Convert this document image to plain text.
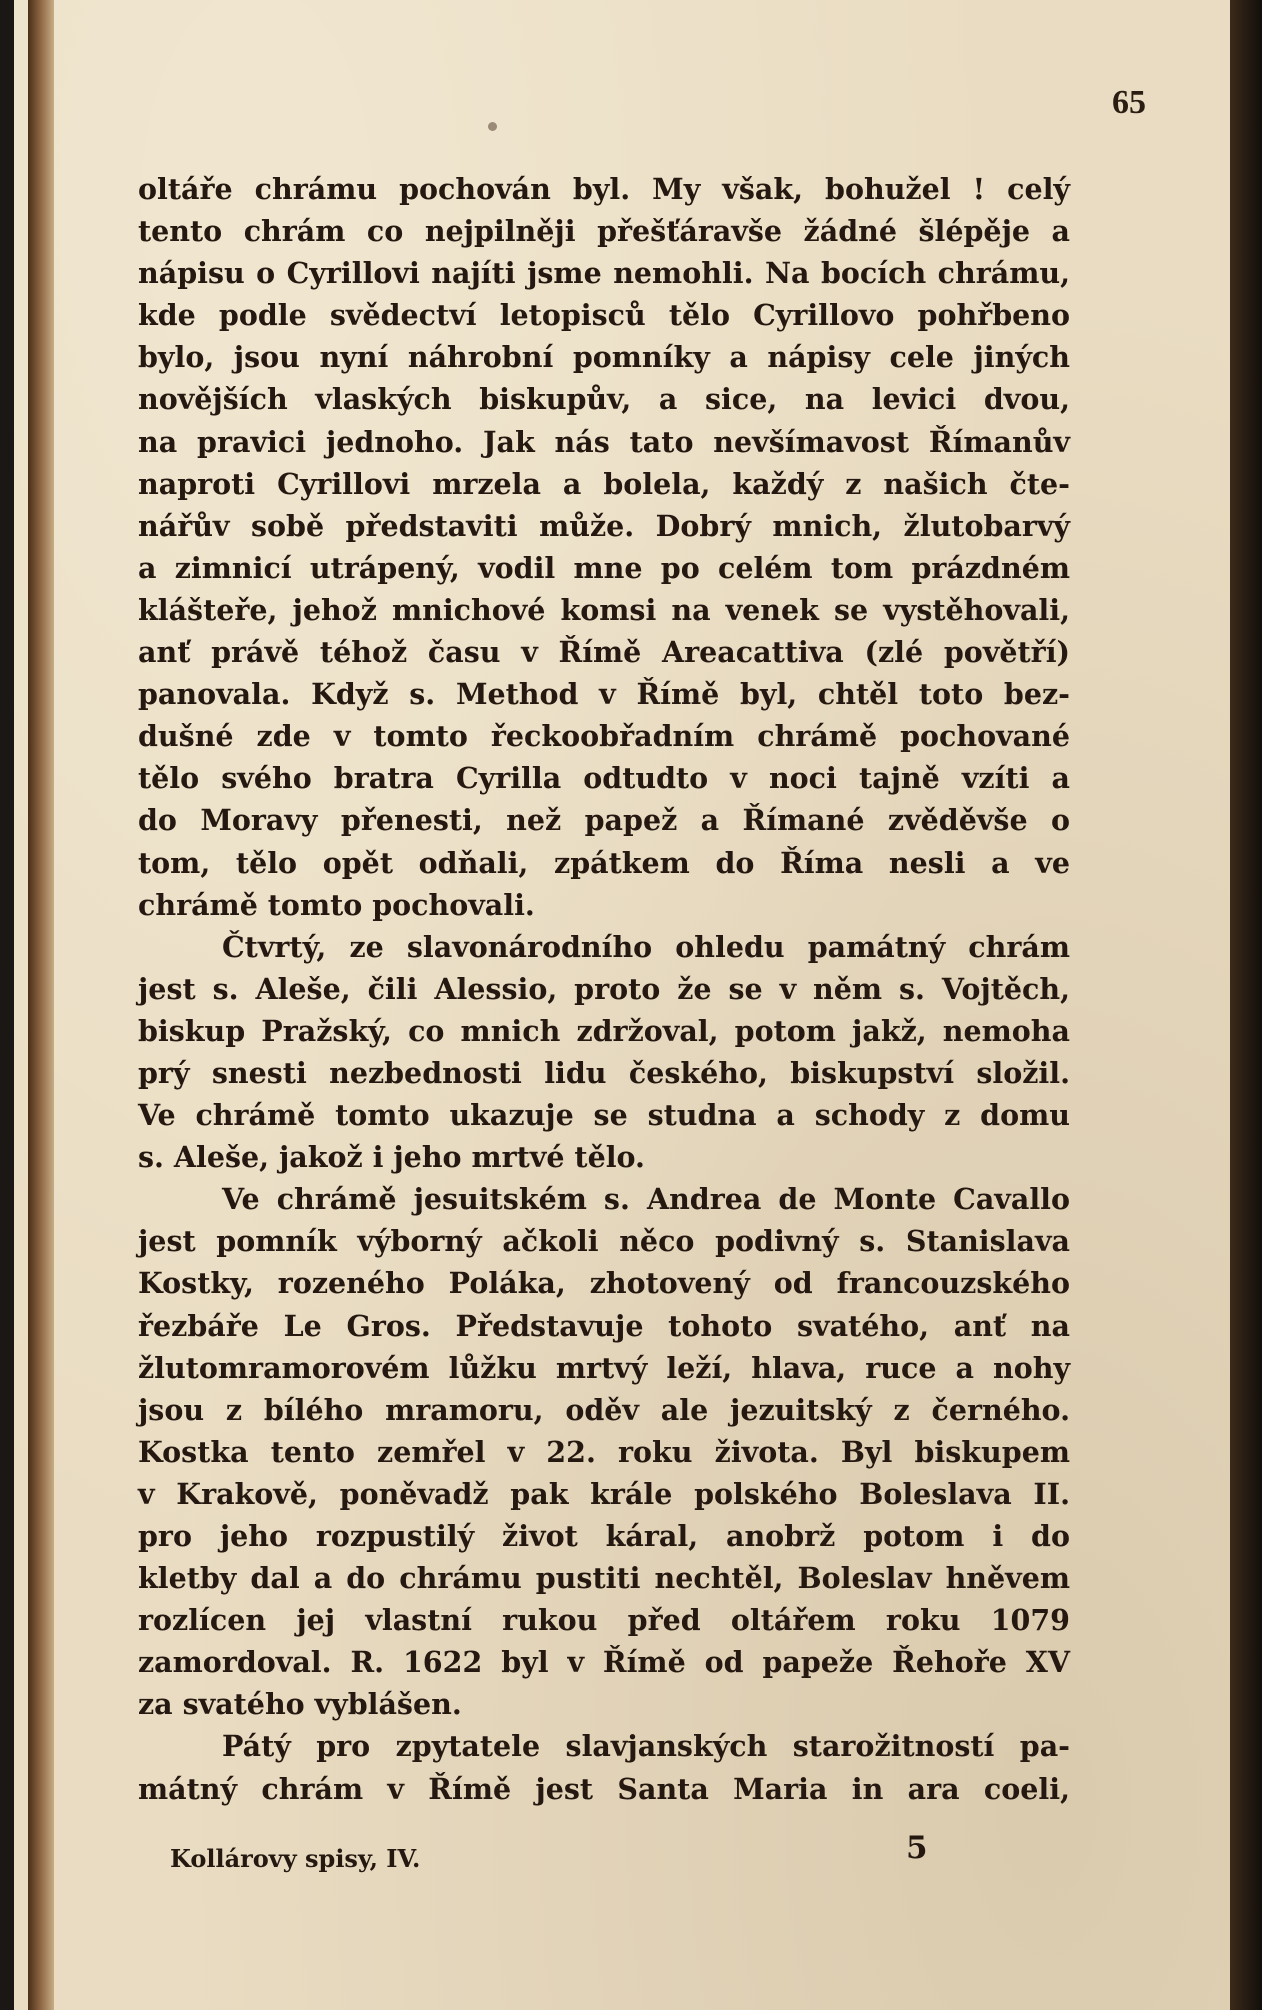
65

oltáře chrámu pochován byl. My však, bohužel ! celý
tento chrám co nejpilněji přešťáravše žádné šlépěje a
nápisu o Cyrillovi najíti jsme nemohli. Na bocích chrámu,
kde podle svědectví letopisců tělo Cyrillovo pohřbeno
bylo, jsou nyní náhrobní pomníky a nápisy cele jiných
novějších vlaských biskupův, a sice, na levici dvou,
na pravici jednoho. Jak nás tato nevšímavost Římanův
naproti Cyrillovi mrzela a bolela, každý z našich čte-
nářův sobě představiti může. Dobrý mnich, žlutobarvý
a zimnicí utrápený, vodil mne po celém tom prázdném
klášteře, jehož mnichové komsi na venek se vystěhovali,
anť právě téhož času v Římě Areacattiva (zlé povětří)
panovala. Když s. Method v Římě byl, chtěl toto bez-
dušné zde v tomto řeckoobřadním chrámě pochované
tělo svého bratra Cyrilla odtudto v noci tajně vzíti a
do Moravy přenesti, než papež a Římané zvěděvše o
tom, tělo opět odňali, zpátkem do Říma nesli a ve
chrámě tomto pochovali.
Čtvrtý, ze slavonárodního ohledu památný chrám
jest s. Aleše, čili Alessio, proto že se v něm s. Vojtěch,
biskup Pražský, co mnich zdržoval, potom jakž, nemoha
prý snesti nezbednosti lidu českého, biskupství složil.
Ve chrámě tomto ukazuje se studna a schody z domu
s. Aleše, jakož i jeho mrtvé tělo.
Ve chrámě jesuitském s. Andrea de Monte Cavallo
jest pomník výborný ačkoli něco podivný s. Stanislava
Kostky, rozeného Poláka, zhotovený od francouzského
řezbáře Le Gros. Představuje tohoto svatého, anť na
žlutomramorovém lůžku mrtvý leží, hlava, ruce a nohy
jsou z bílého mramoru, oděv ale jezuitský z černého.
Kostka tento zemřel v 22. roku života. Byl biskupem
v Krakově, poněvadž pak krále polského Boleslava II.
pro jeho rozpustilý život káral, anobrž potom i do
kletby dal a do chrámu pustiti nechtěl, Boleslav hněvem
rozlícen jej vlastní rukou před oltářem roku 1079
zamordoval. R. 1622 byl v Římě od papeže Řehoře XV
za svatého vyblášen.
Pátý pro zpytatele slavjanských starožitností pa-
mátný chrám v Římě jest Santa Maria in ara coeli,
Kollárovy spisy, IV.	5
